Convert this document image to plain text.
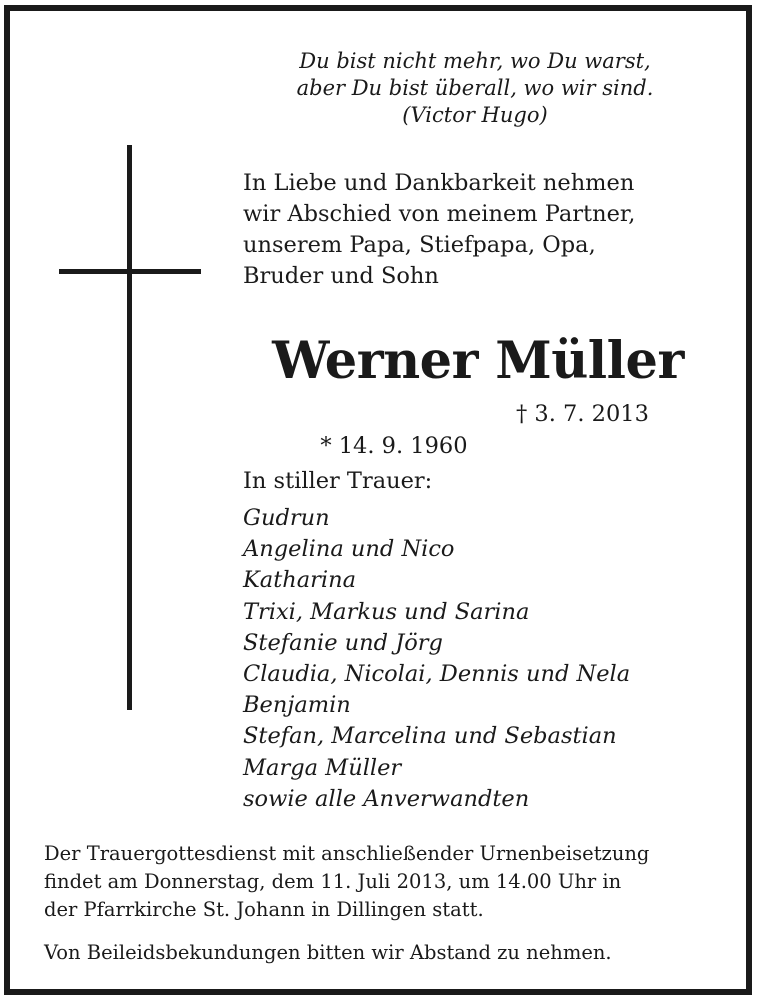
Du bist nicht mehr, wo Du warst,
aber Du bist überall, wo wir sind.
(Victor Hugo)
In Liebe und Dankbarkeit nehmen
wir Abschied von meinem Partner,
unserem Papa, Stiefpapa, Opa,
Bruder und Sohn
Werner Müller

* 14. 9. 1960

† 3. 7. 2013

In stiller Trauer:
Gudrun
Angelina und Nico
Katharina
Trixi, Markus und Sarina
Stefanie und Jörg
Claudia, Nicolai, Dennis und Nela
Benjamin
Stefan, Marcelina und Sebastian
Marga Müller
sowie alle Anverwandten
Der Trauergottesdienst mit anschließender Urnenbeisetzung
findet am Donnerstag, dem 11. Juli 2013, um 14.00 Uhr in
der Pfarrkirche St. Johann in Dillingen statt.
Von Beileidsbekundungen bitten wir Abstand zu nehmen.
